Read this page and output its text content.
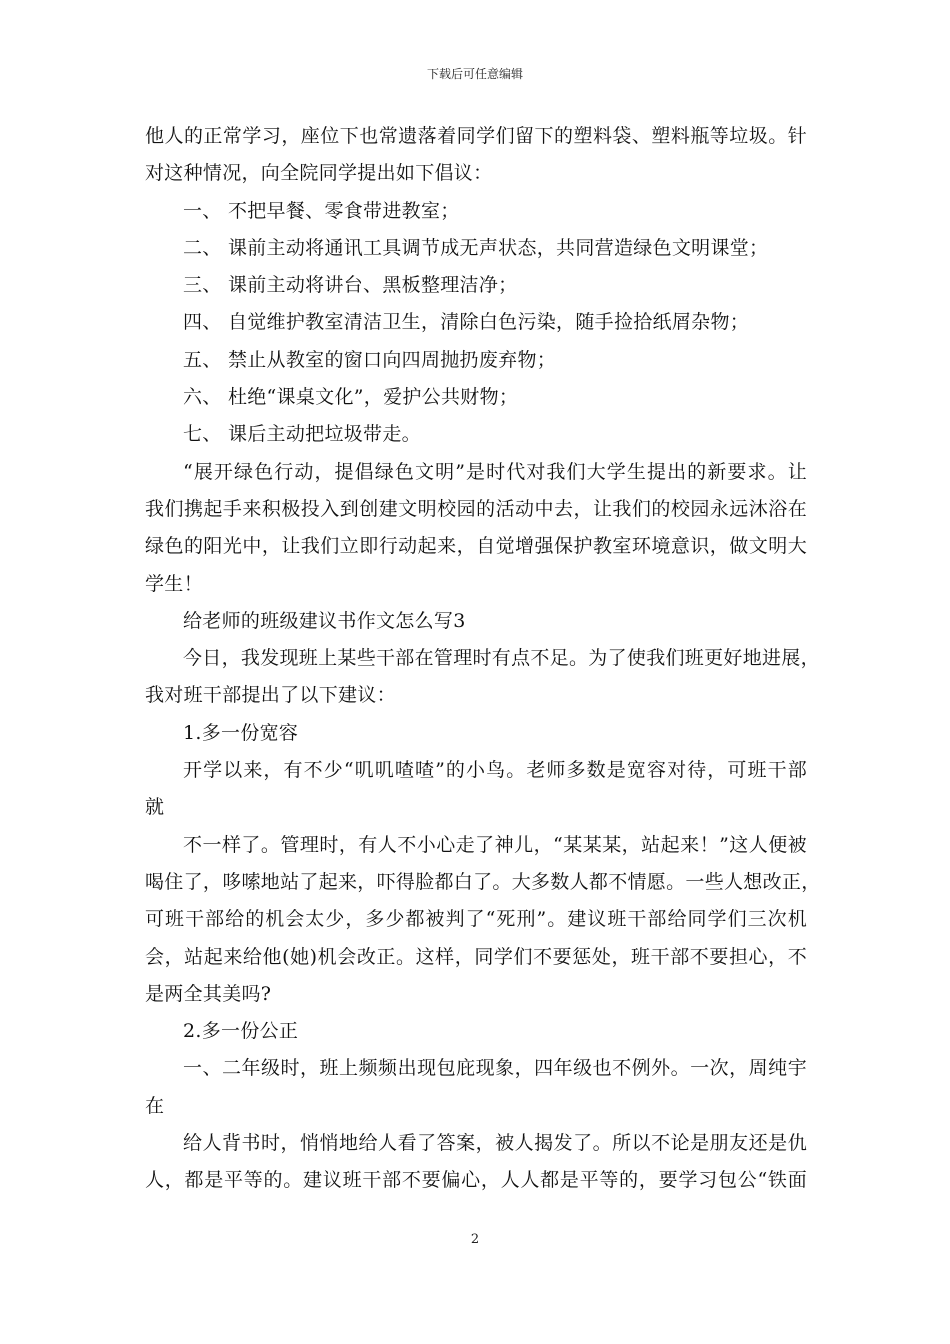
下载后可任意编辑
他人的正常学习，座位下也常遗落着同学们留下的塑料袋、塑料瓶等垃圾。针
对这种情况，向全院同学提出如下倡议：
一、 不把早餐、零食带进教室；
二、 课前主动将通讯工具调节成无声状态，共同营造绿色文明课堂；
三、 课前主动将讲台、黑板整理洁净；
四、 自觉维护教室清洁卫生，清除白色污染，随手捡拾纸屑杂物；
五、 禁止从教室的窗口向四周抛扔废弃物；
六、 杜绝“课桌文化”，爱护公共财物；
七、 课后主动把垃圾带走。
“展开绿色行动，提倡绿色文明”是时代对我们大学生提出的新要求。让
我们携起手来积极投入到创建文明校园的活动中去，让我们的校园永远沐浴在
绿色的阳光中，让我们立即行动起来，自觉增强保护教室环境意识，做文明大
学生！
给老师的班级建议书作文怎么写3
今日，我发现班上某些干部在管理时有点不足。为了使我们班更好地进展，
我对班干部提出了以下建议：
1.多一份宽容
开学以来，有不少“叽叽喳喳”的小鸟。老师多数是宽容对待，可班干部
就
不一样了。管理时，有人不小心走了神儿，“某某某，站起来！”这人便被
喝住了，哆嗦地站了起来，吓得脸都白了。大多数人都不情愿。一些人想改正，
可班干部给的机会太少，多少都被判了“死刑”。建议班干部给同学们三次机
会，站起来给他(她)机会改正。这样，同学们不要惩处，班干部不要担心，不
是两全其美吗?
2.多一份公正
一、二年级时，班上频频出现包庇现象，四年级也不例外。一次，周纯宇
在
给人背书时，悄悄地给人看了答案，被人揭发了。所以不论是朋友还是仇
人，都是平等的。建议班干部不要偏心，人人都是平等的，要学习包公“铁面
2
